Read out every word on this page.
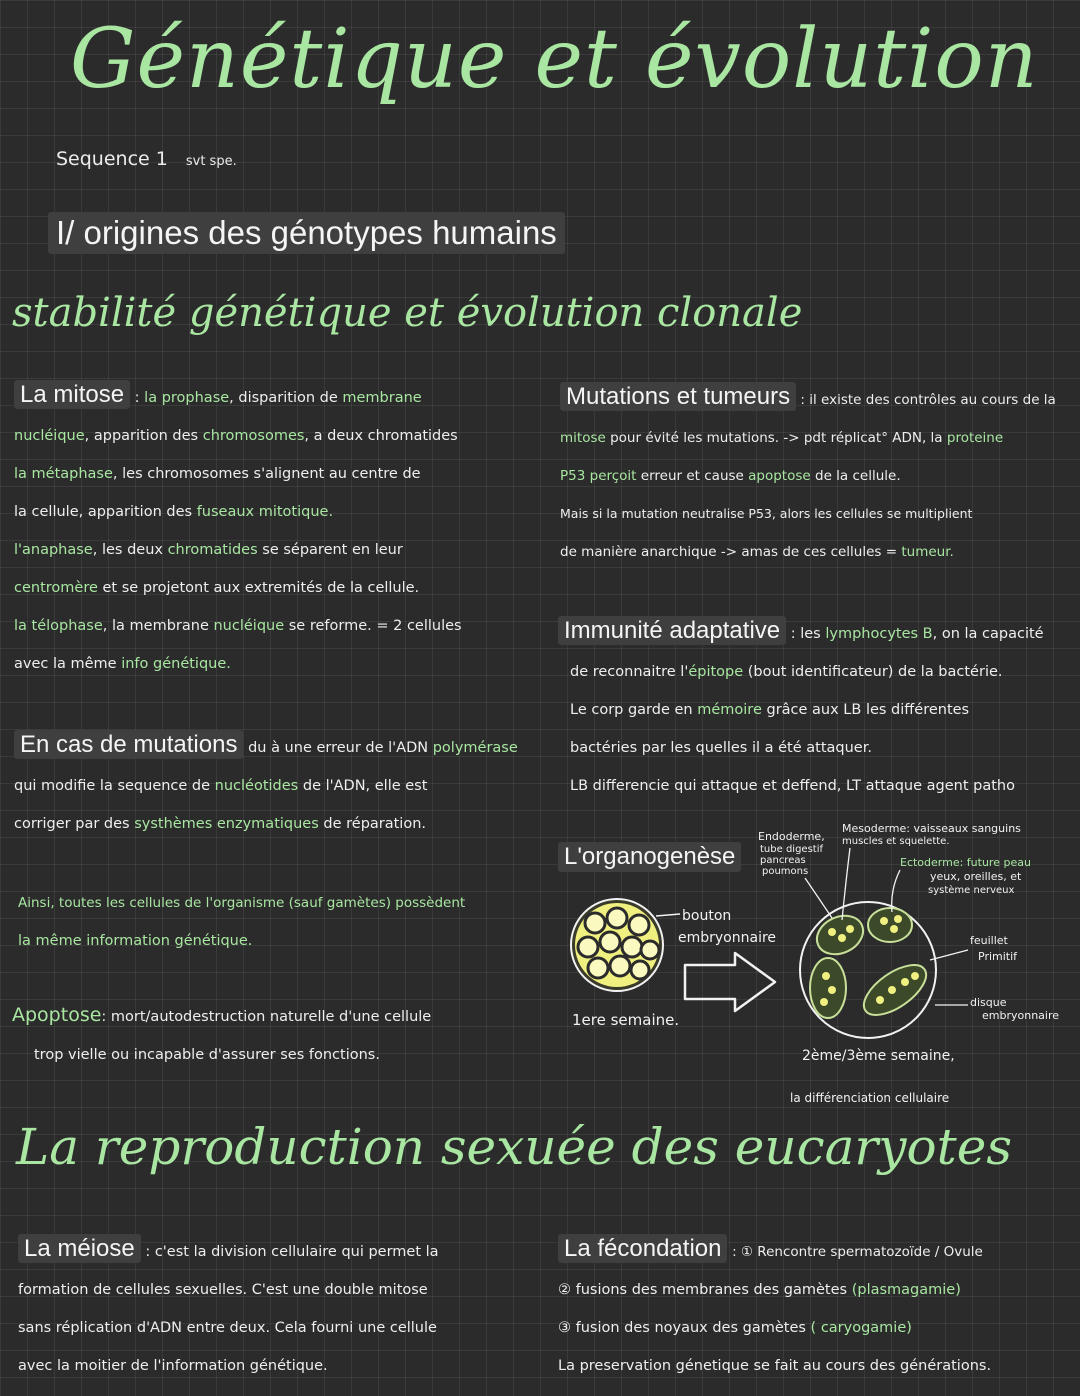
Génétique et évolution
Sequence 1 svt spe.
I/ origines des génotypes humains
stabilité génétique et évolution clonale
La mitose : la prophase, disparition de membrane
nucléique, apparition des chromosomes, a deux chromatides
la métaphase, les chromosomes s'alignent au centre de
la cellule, apparition des fuseaux mitotique.
l'anaphase, les deux chromatides se séparent en leur
centromère et se projetont aux extremités de la cellule.
la télophase, la membrane nucléique se reforme. = 2 cellules
avec la même info génétique.
En cas de mutations du à une erreur de l'ADN polymérase
qui modifie la sequence de nucléotides de l'ADN, elle est
corriger par des systhèmes enzymatiques de réparation.
Ainsi, toutes les cellules de l'organisme (sauf gamètes) possèdent
la même information génétique.
Apoptose: mort/autodestruction naturelle d'une cellule
trop vielle ou incapable d'assurer ses fonctions.
Mutations et tumeurs : il existe des contrôles au cours de la
mitose pour évité les mutations. -> pdt réplicat° ADN, la proteine
P53 perçoit erreur et cause apoptose de la cellule.
Mais si la mutation neutralise P53, alors les cellules se multiplient
de manière anarchique -> amas de ces cellules = tumeur.
Immunité adaptative : les lymphocytes B, on la capacité
de reconnaitre l'épitope (bout identificateur) de la bactérie.
Le corp garde en mémoire grâce aux LB les différentes
bactéries par les quelles il a été attaquer.
LB differencie qui attaque et deffend, LT attaque agent patho
L'organogenèse
bouton
embryonnaire
1ere semaine.
Endoderme,
tube digestif
pancreas
poumons
Mesoderme: vaisseaux sanguins
muscles et squelette.
Ectoderme: future peau
yeux, oreilles, et
système nerveux
feuillet
Primitif
disque
embryonnaire
2ème/3ème semaine,
la différenciation cellulaire
La reproduction sexuée des eucaryotes
La méiose : c'est la division cellulaire qui permet la
formation de cellules sexuelles. C'est une double mitose
sans réplication d'ADN entre deux. Cela fourni une cellule
avec la moitier de l'information génétique.
La fécondation : ① Rencontre spermatozoïde / Ovule
② fusions des membranes des gamètes (plasmagamie)
③ fusion des noyaux des gamètes ( caryogamie)
La preservation génetique se fait au cours des générations.
